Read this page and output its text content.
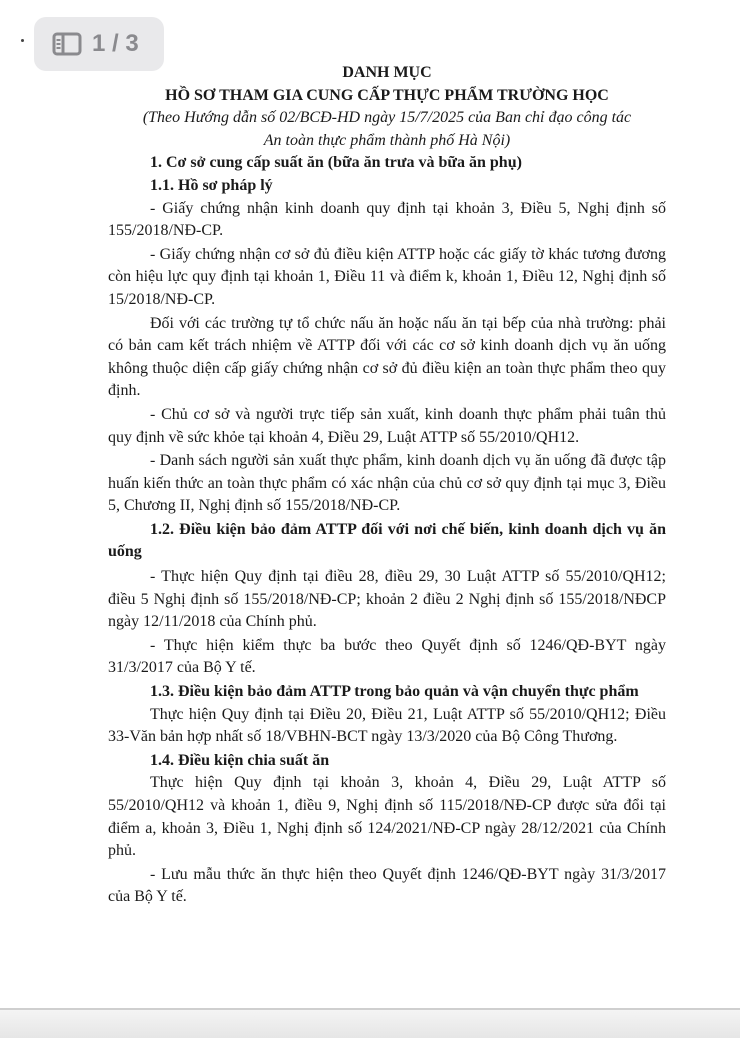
1 / 3
DANH MỤC
HỒ SƠ THAM GIA CUNG CẤP THỰC PHẨM TRƯỜNG HỌC
(Theo Hướng dẫn số 02/BCĐ-HD ngày 15/7/2025 của Ban chỉ đạo công tác
An toàn thực phẩm thành phố Hà Nội)
1. Cơ sở cung cấp suất ăn (bữa ăn trưa và bữa ăn phụ)
1.1. Hồ sơ pháp lý

- Giấy chứng nhận kinh doanh quy định tại khoản 3, Điều 5, Nghị định số 155/2018/NĐ-CP.

- Giấy chứng nhận cơ sở đủ điều kiện ATTP hoặc các giấy tờ khác tương đương còn hiệu lực quy định tại khoản 1, Điều 11 và điểm k, khoản 1, Điều 12, Nghị định số 15/2018/NĐ-CP.

Đối với các trường tự tổ chức nấu ăn hoặc nấu ăn tại bếp của nhà trường: phải có bản cam kết trách nhiệm về ATTP đối với các cơ sở kinh doanh dịch vụ ăn uống không thuộc diện cấp giấy chứng nhận cơ sở đủ điều kiện an toàn thực phẩm theo quy định.

- Chủ cơ sở và người trực tiếp sản xuất, kinh doanh thực phẩm phải tuân thủ quy định về sức khỏe tại khoản 4, Điều 29, Luật ATTP số 55/2010/QH12.

- Danh sách người sản xuất thực phẩm, kinh doanh dịch vụ ăn uống đã được tập huấn kiến thức an toàn thực phẩm có xác nhận của chủ cơ sở quy định tại mục 3, Điều 5, Chương II, Nghị định số 155/2018/NĐ-CP.

1.2. Điều kiện bảo đảm ATTP đối với nơi chế biến, kinh doanh dịch vụ ăn uống

- Thực hiện Quy định tại điều 28, điều 29, 30 Luật ATTP số 55/2010/QH12; điều 5 Nghị định số 155/2018/NĐ-CP; khoản 2 điều 2 Nghị định số 155/2018/NĐCP ngày 12/11/2018 của Chính phủ.

- Thực hiện kiểm thực ba bước theo Quyết định số 1246/QĐ-BYT ngày 31/3/2017 của Bộ Y tế.

1.3. Điều kiện bảo đảm ATTP trong bảo quản và vận chuyển thực phẩm

Thực hiện Quy định tại Điều 20, Điều 21, Luật ATTP số 55/2010/QH12; Điều 33-Văn bản hợp nhất số 18/VBHN-BCT ngày 13/3/2020 của Bộ Công Thương.

1.4. Điều kiện chia suất ăn

Thực hiện Quy định tại khoản 3, khoản 4, Điều 29, Luật ATTP số 55/2010/QH12 và khoản 1, điều 9, Nghị định số 115/2018/NĐ-CP được sửa đổi tại điểm a, khoản 3, Điều 1, Nghị định số 124/2021/NĐ-CP ngày 28/12/2021 của Chính phủ.

- Lưu mẫu thức ăn thực hiện theo Quyết định 1246/QĐ-BYT ngày 31/3/2017 của Bộ Y tế.
